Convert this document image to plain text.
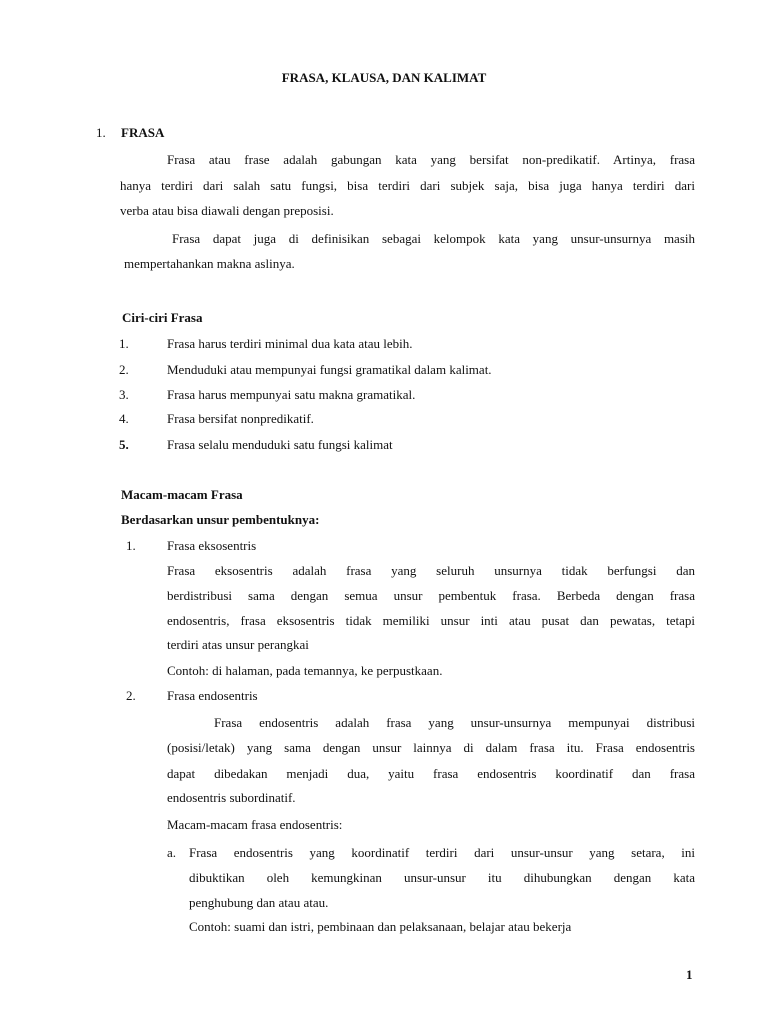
FRASA, KLAUSA, DAN KALIMAT
1. FRASA
Frasa atau frase adalah gabungan kata yang bersifat non-predikatif. Artinya, frasa
hanya terdiri dari salah satu fungsi, bisa terdiri dari subjek saja, bisa juga hanya terdiri dari
verba atau bisa diawali dengan preposisi.
Frasa dapat juga di definisikan sebagai kelompok kata yang unsur-unsurnya masih
mempertahankan makna aslinya.
Ciri-ciri Frasa
1.	Frasa harus terdiri minimal dua kata atau lebih.
2.	Menduduki atau mempunyai fungsi gramatikal dalam kalimat.
3.	Frasa harus mempunyai satu makna gramatikal.
4.	Frasa bersifat nonpredikatif.
5.	Frasa selalu menduduki satu fungsi kalimat
Macam-macam Frasa
Berdasarkan unsur pembentuknya:
1. Frasa eksosentris
Frasa eksosentris adalah frasa yang seluruh unsurnya tidak berfungsi dan
berdistribusi sama dengan semua unsur pembentuk frasa. Berbeda dengan frasa
endosentris, frasa eksosentris tidak memiliki unsur inti atau pusat dan pewatas, tetapi
terdiri atas unsur perangkai
Contoh: di halaman, pada temannya, ke perpustkaan.
2. Frasa endosentris
Frasa endosentris adalah frasa yang unsur-unsurnya mempunyai distribusi
(posisi/letak) yang sama dengan unsur lainnya di dalam frasa itu. Frasa endosentris
dapat dibedakan menjadi dua, yaitu frasa endosentris koordinatif dan frasa
endosentris subordinatif.
Macam-macam frasa endosentris:
a. Frasa endosentris yang koordinatif terdiri dari unsur-unsur yang setara, ini
dibuktikan oleh kemungkinan unsur-unsur itu dihubungkan dengan kata
penghubung dan atau atau.
Contoh: suami dan istri, pembinaan dan pelaksanaan, belajar atau bekerja
1
